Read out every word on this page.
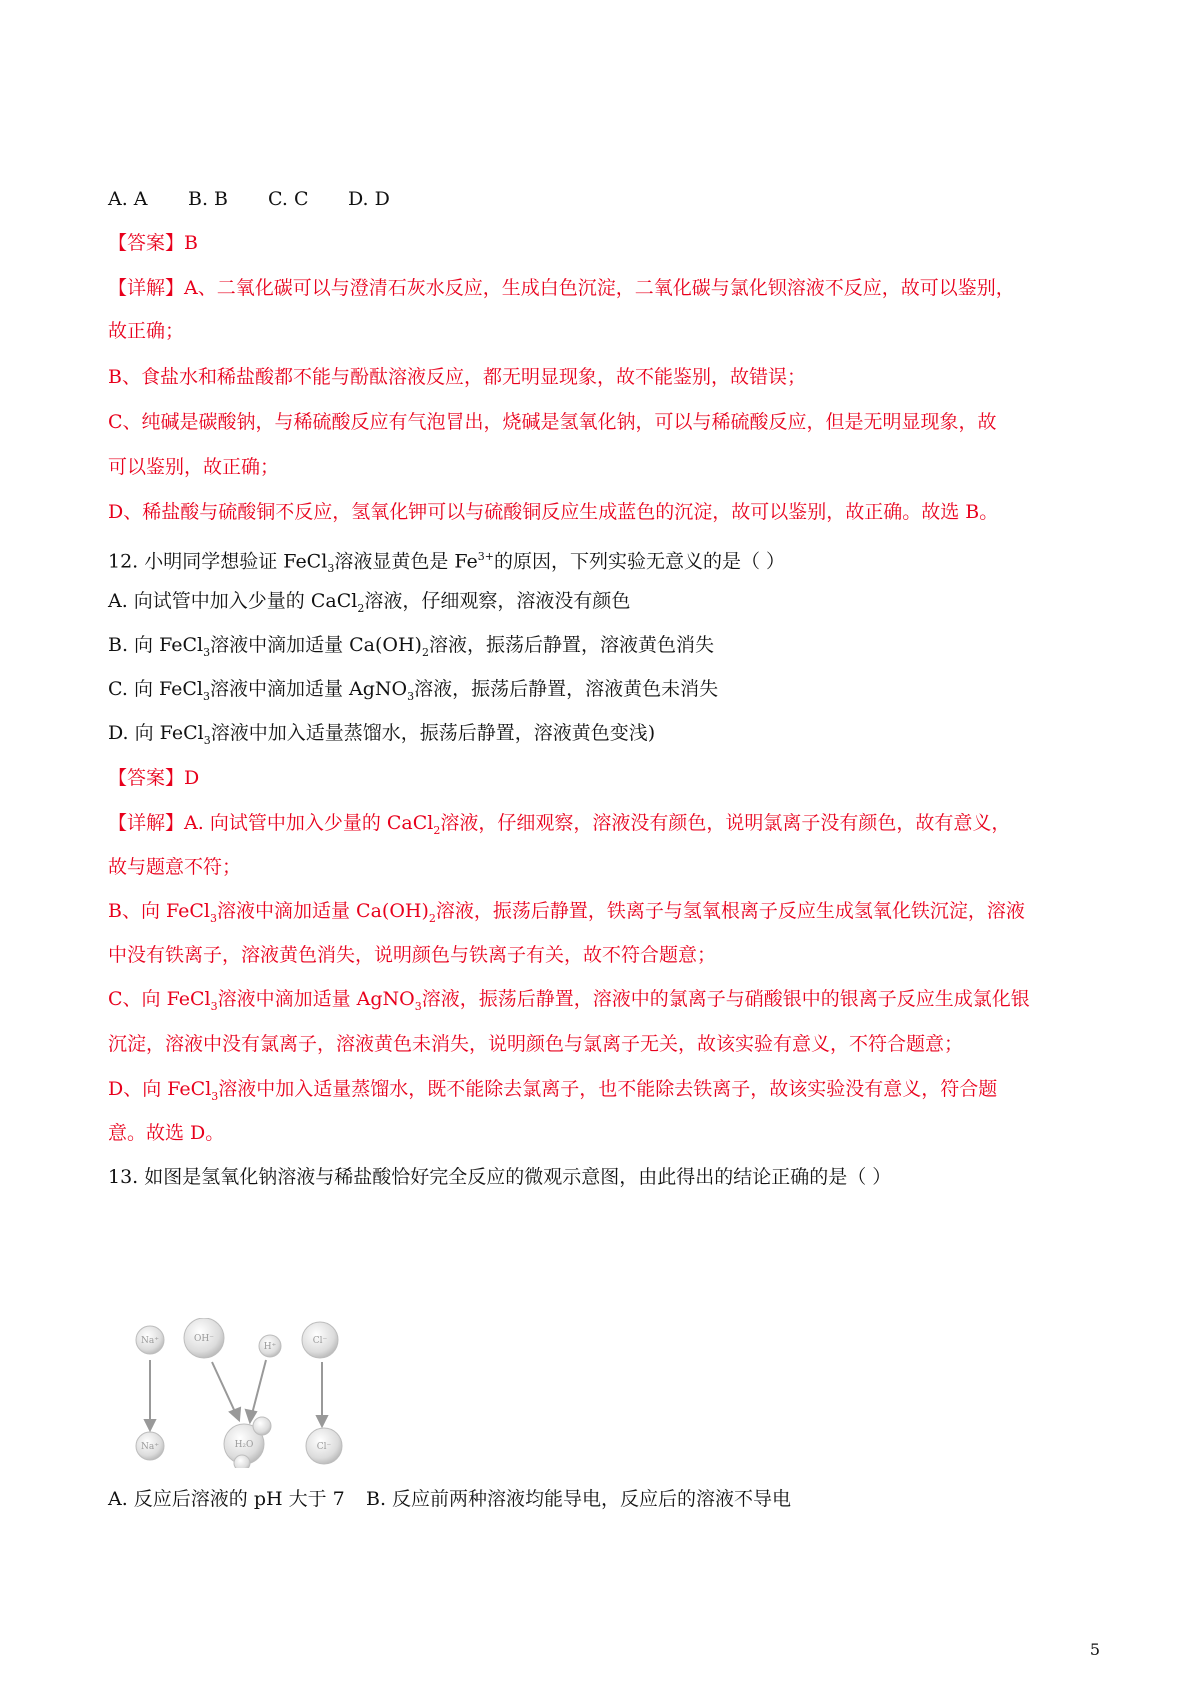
A. A B. B C. C D. D
【答案】B
【详解】A、二氧化碳可以与澄清石灰水反应，生成白色沉淀，二氧化碳与氯化钡溶液不反应，故可以鉴别，
故正确；
B、食盐水和稀盐酸都不能与酚酞溶液反应，都无明显现象，故不能鉴别，故错误；
C、纯碱是碳酸钠，与稀硫酸反应有气泡冒出，烧碱是氢氧化钠，可以与稀硫酸反应，但是无明显现象，故
可以鉴别，故正确；
D、稀盐酸与硫酸铜不反应，氢氧化钾可以与硫酸铜反应生成蓝色的沉淀，故可以鉴别，故正确。故选 B。
12. 小明同学想验证 FeCl$_3$溶液显黄色是 $Fe^{3+}$的原因，下列实验无意义的是（ ）
A. 向试管中加入少量的 CaCl$_2$溶液，仔细观察，溶液没有颜色
B. 向 FeCl$_3$溶液中滴加适量 $Ca(OH)_2$溶液，振荡后静置，溶液黄色消失
C. 向 FeCl$_3$溶液中滴加适量 AgNO$_3$溶液，振荡后静置，溶液黄色未消失
D. 向 FeCl$_3$溶液中加入适量蒸馏水，振荡后静置，溶液黄色变浅)
【答案】D
【详解】A. 向试管中加入少量的 CaCl$_2$溶液，仔细观察，溶液没有颜色，说明氯离子没有颜色，故有意义，
故与题意不符；
B、向 FeCl$_3$溶液中滴加适量 $Ca(OH)_2$溶液，振荡后静置，铁离子与氢氧根离子反应生成氢氧化铁沉淀，溶液
中没有铁离子，溶液黄色消失，说明颜色与铁离子有关，故不符合题意；
C、向 FeCl$_3$溶液中滴加适量 AgNO$_3$溶液，振荡后静置，溶液中的氯离子与硝酸银中的银离子反应生成氯化银
沉淀，溶液中没有氯离子，溶液黄色未消失，说明颜色与氯离子无关，故该实验有意义，不符合题意；
D、向 FeCl$_3$溶液中加入适量蒸馏水，既不能除去氯离子，也不能除去铁离子，故该实验没有意义，符合题
意。故选 D。
13. 如图是氢氧化钠溶液与稀盐酸恰好完全反应的微观示意图，由此得出的结论正确的是（ ）
Na⁺	OH⁻
H⁺
Cl⁻
Na⁺	H₂O	Cl⁻
A. 反应后溶液的 pH 大于 7 B. 反应前两种溶液均能导电，反应后的溶液不导电
5
